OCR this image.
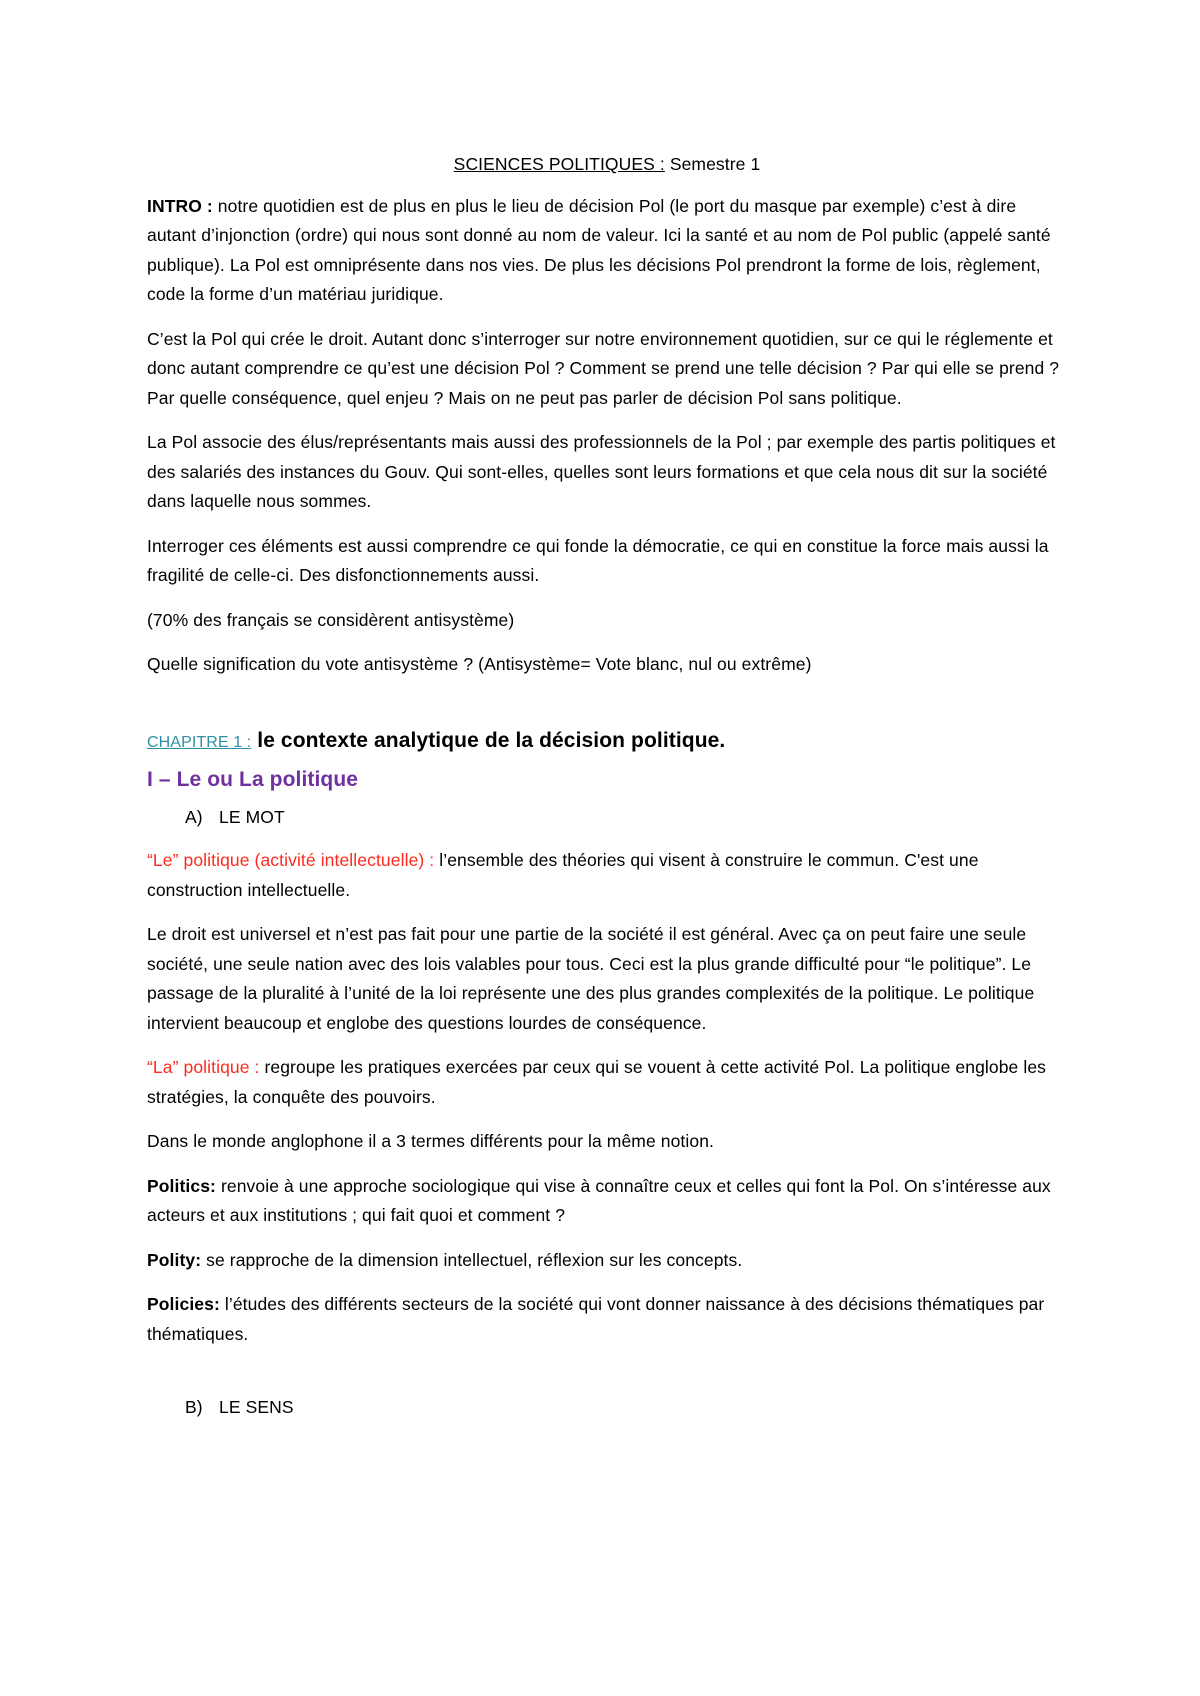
SCIENCES POLITIQUES : Semestre 1

INTRO : notre quotidien est de plus en plus le lieu de décision Pol (le port du masque par exemple) c’est à dire autant d’injonction (ordre) qui nous sont donné au nom de valeur. Ici la santé et au nom de Pol public (appelé santé publique). La Pol est omniprésente dans nos vies. De plus les décisions Pol prendront la forme de lois, règlement, code la forme d’un matériau juridique.

C’est la Pol qui crée le droit. Autant donc s’interroger sur notre environnement quotidien, sur ce qui le réglemente et donc autant comprendre ce qu’est une décision Pol ? Comment se prend une telle décision ? Par qui elle se prend ? Par quelle conséquence, quel enjeu ? Mais on ne peut pas parler de décision Pol sans politique.

La Pol associe des élus/représentants mais aussi des professionnels de la Pol ; par exemple des partis politiques et des salariés des instances du Gouv. Qui sont-elles, quelles sont leurs formations et que cela nous dit sur la société dans laquelle nous sommes.

Interroger ces éléments est aussi comprendre ce qui fonde la démocratie, ce qui en constitue la force mais aussi la fragilité de celle-ci. Des disfonctionnements aussi.

(70% des français se considèrent antisystème)

Quelle signification du vote antisystème ? (Antisystème= Vote blanc, nul ou extrême)

CHAPITRE 1 : le contexte analytique de la décision politique.

I – Le ou La politique

A) LE MOT

“Le” politique (activité intellectuelle) : l’ensemble des théories qui visent à construire le commun. C'est une construction intellectuelle.

Le droit est universel et n’est pas fait pour une partie de la société il est général. Avec ça on peut faire une seule société, une seule nation avec des lois valables pour tous. Ceci est la plus grande difficulté pour “le politique”. Le passage de la pluralité à l’unité de la loi représente une des plus grandes complexités de la politique. Le politique intervient beaucoup et englobe des questions lourdes de conséquence.

“La” politique : regroupe les pratiques exercées par ceux qui se vouent à cette activité Pol. La politique englobe les stratégies, la conquête des pouvoirs.

Dans le monde anglophone il a 3 termes différents pour la même notion.

Politics: renvoie à une approche sociologique qui vise à connaître ceux et celles qui font la Pol. On s’intéresse aux acteurs et aux institutions ; qui fait quoi et comment ?

Polity: se rapproche de la dimension intellectuel, réflexion sur les concepts.

Policies: l’études des différents secteurs de la société qui vont donner naissance à des décisions thématiques par thématiques.

B) LE SENS
